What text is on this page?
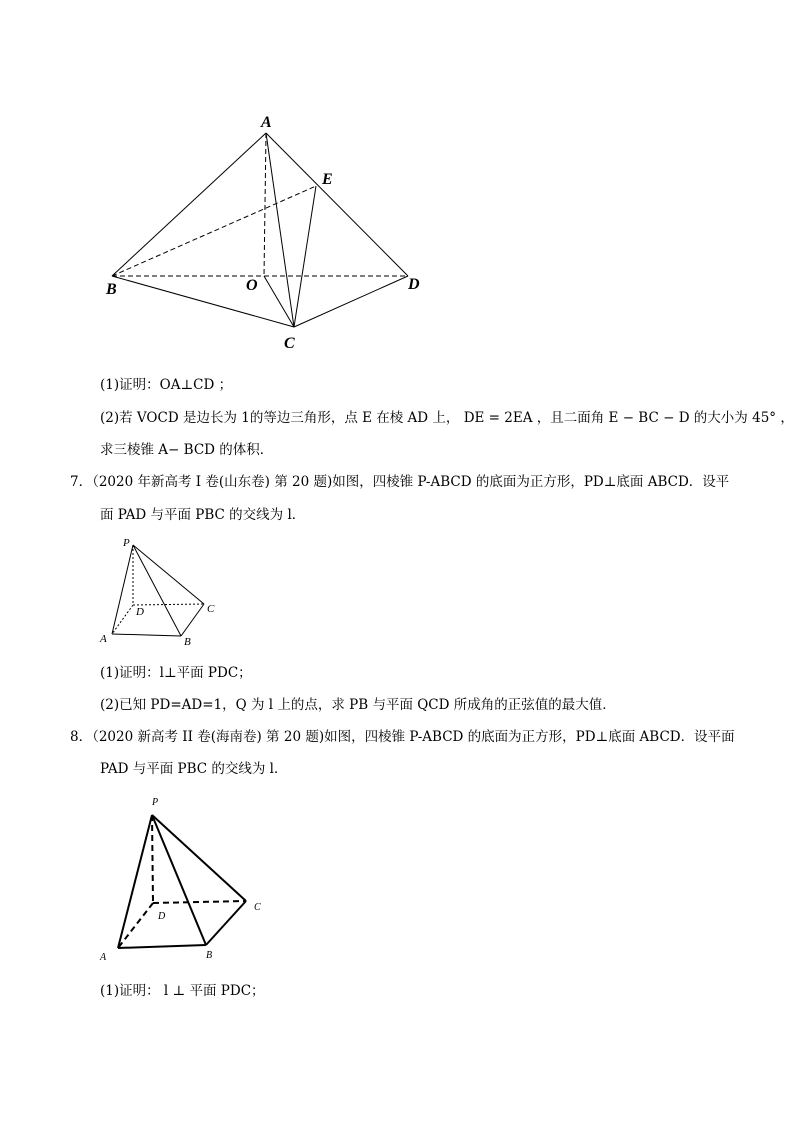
A
E
B	O	D
C
(1)证明：OA⊥CD ；
(2)若 VOCD 是边长为 1的等边三角形，点 E 在棱 AD 上， DE = 2EA ，且二面角 E − BC − D 的大小为 45° ，
求三棱锥 A− BCD 的体积．
7．（2020 年新高考 I 卷(山东卷) 第 20 题)如图，四棱锥 P-ABCD 的底面为正方形，PD⊥底面 ABCD．设平
面 PAD 与平面 PBC 的交线为 l．
P
D	C
A	B
(1)证明：l⊥平面 PDC；
(2)已知 PD=AD=1，Q 为 l 上的点，求 PB 与平面 QCD 所成角的正弦值的最大值．
8．（2020 新高考 II 卷(海南卷) 第 20 题)如图，四棱锥 P-ABCD 的底面为正方形，PD⊥底面 ABCD．设平面
PAD 与平面 PBC 的交线为 l．
P
D
C
A	B
(1)证明： l ⊥ 平面 PDC；
